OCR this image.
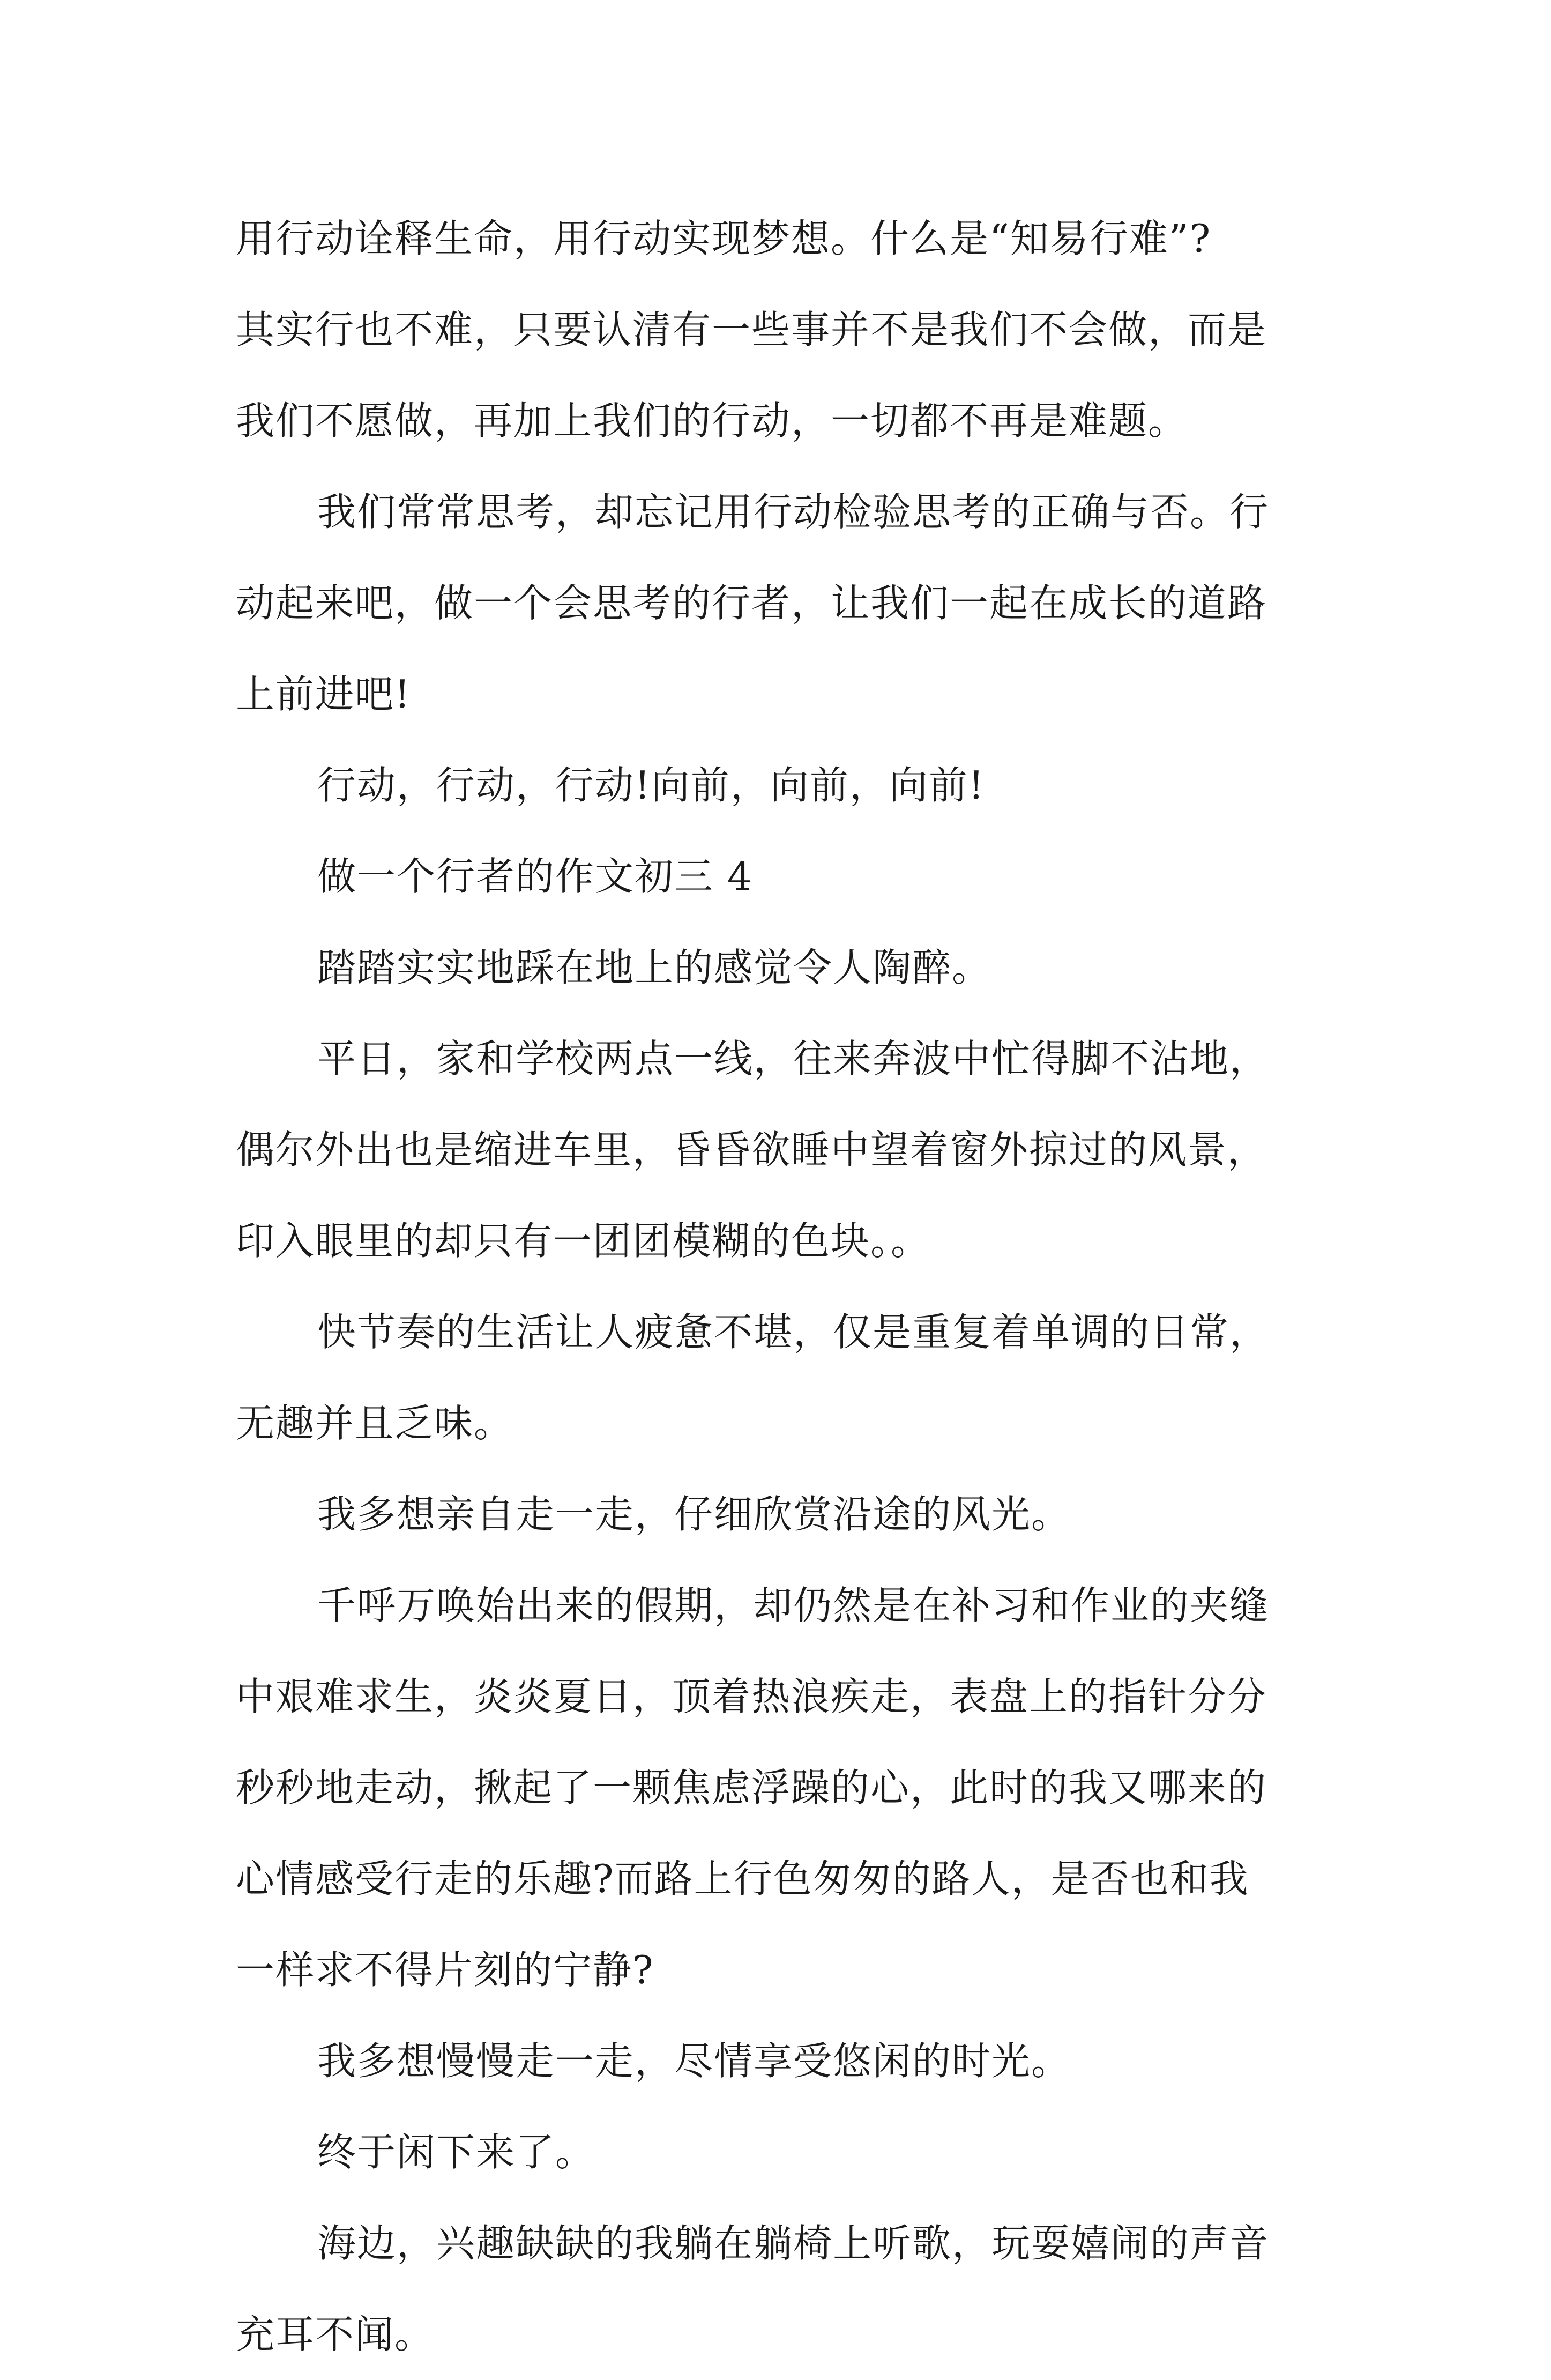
用行动诠释生命，用行动实现梦想。什么是“知易行难”?
其实行也不难，只要认清有一些事并不是我们不会做，而是
我们不愿做，再加上我们的行动，一切都不再是难题。
我们常常思考，却忘记用行动检验思考的正确与否。行
动起来吧，做一个会思考的行者，让我们一起在成长的道路
上前进吧!
行动，行动，行动!向前，向前，向前!
做一个行者的作文初三 4
踏踏实实地踩在地上的感觉令人陶醉。
平日，家和学校两点一线，往来奔波中忙得脚不沾地，
偶尔外出也是缩进车里，昏昏欲睡中望着窗外掠过的风景，
印入眼里的却只有一团团模糊的色块。。
快节奏的生活让人疲惫不堪，仅是重复着单调的日常，
无趣并且乏味。
我多想亲自走一走，仔细欣赏沿途的风光。
千呼万唤始出来的假期，却仍然是在补习和作业的夹缝
中艰难求生，炎炎夏日，顶着热浪疾走，表盘上的指针分分
秒秒地走动，揪起了一颗焦虑浮躁的心，此时的我又哪来的
心情感受行走的乐趣?而路上行色匆匆的路人，是否也和我
一样求不得片刻的宁静?
我多想慢慢走一走，尽情享受悠闲的时光。
终于闲下来了。
海边，兴趣缺缺的我躺在躺椅上听歌，玩耍嬉闹的声音
充耳不闻。
